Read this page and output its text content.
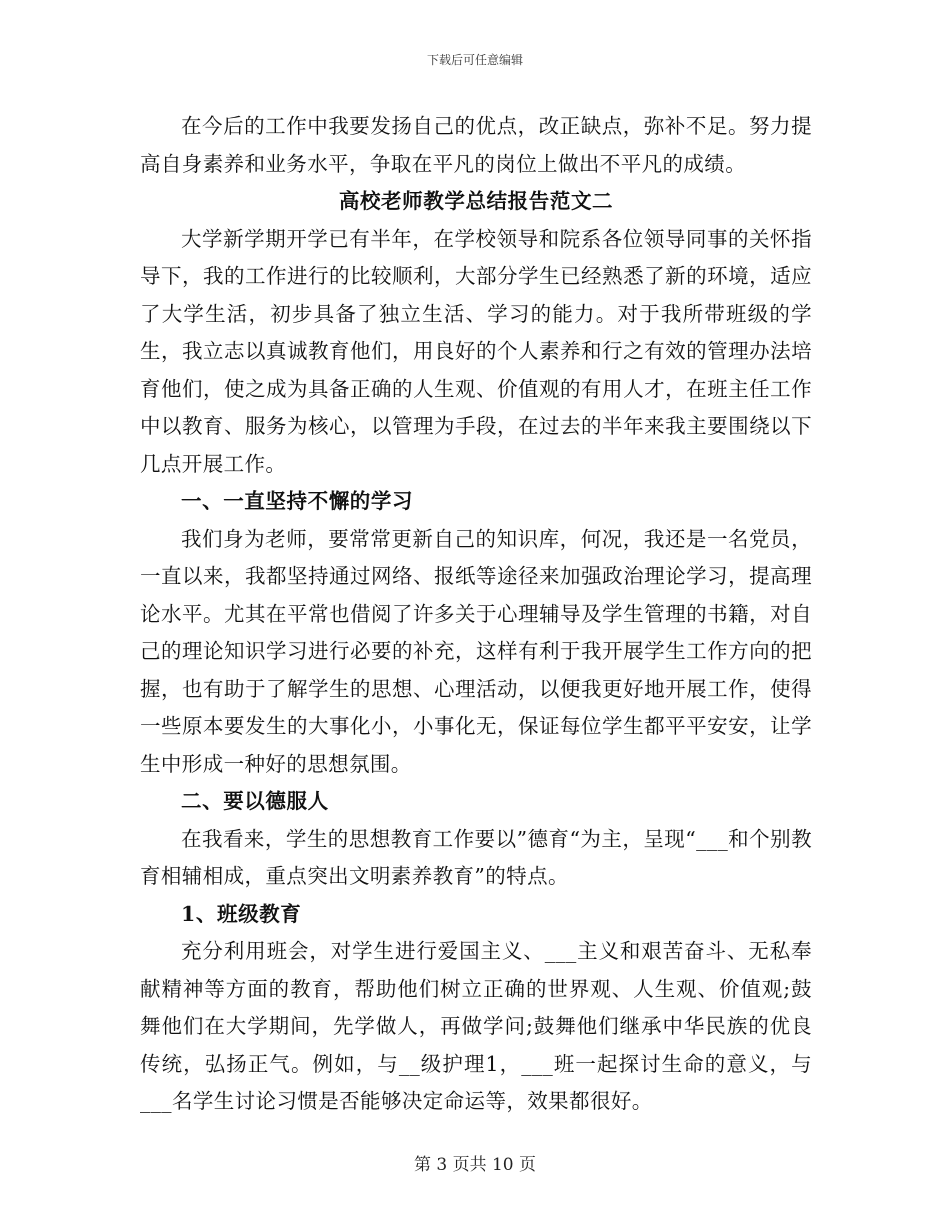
下载后可任意编辑

在今后的工作中我要发扬自己的优点，改正缺点，弥补不足。努力提高自身素养和业务水平，争取在平凡的岗位上做出不平凡的成绩。

高校老师教学总结报告范文二

大学新学期开学已有半年，在学校领导和院系各位领导同事的关怀指导下，我的工作进行的比较顺利，大部分学生已经熟悉了新的环境，适应了大学生活，初步具备了独立生活、学习的能力。对于我所带班级的学生，我立志以真诚教育他们，用良好的个人素养和行之有效的管理办法培育他们，使之成为具备正确的人生观、价值观的有用人才，在班主任工作中以教育、服务为核心，以管理为手段，在过去的半年来我主要围绕以下几点开展工作。

一、一直坚持不懈的学习

我们身为老师，要常常更新自己的知识库，何况，我还是一名党员，一直以来，我都坚持通过网络、报纸等途径来加强政治理论学习，提高理论水平。尤其在平常也借阅了许多关于心理辅导及学生管理的书籍，对自己的理论知识学习进行必要的补充，这样有利于我开展学生工作方向的把握，也有助于了解学生的思想、心理活动，以便我更好地开展工作，使得一些原本要发生的大事化小，小事化无，保证每位学生都平平安安，让学生中形成一种好的思想氛围。

二、要以德服人

在我看来，学生的思想教育工作要以”德育“为主，呈现“___和个别教育相辅相成，重点突出文明素养教育”的特点。

1、班级教育

充分利用班会，对学生进行爱国主义、___主义和艰苦奋斗、无私奉献精神等方面的教育，帮助他们树立正确的世界观、人生观、价值观;鼓舞他们在大学期间，先学做人，再做学问;鼓舞他们继承中华民族的优良传统，弘扬正气。例如，与__级护理1，___班一起探讨生命的意义，与___名学生讨论习惯是否能够决定命运等，效果都很好。

第 3 页共 10 页
